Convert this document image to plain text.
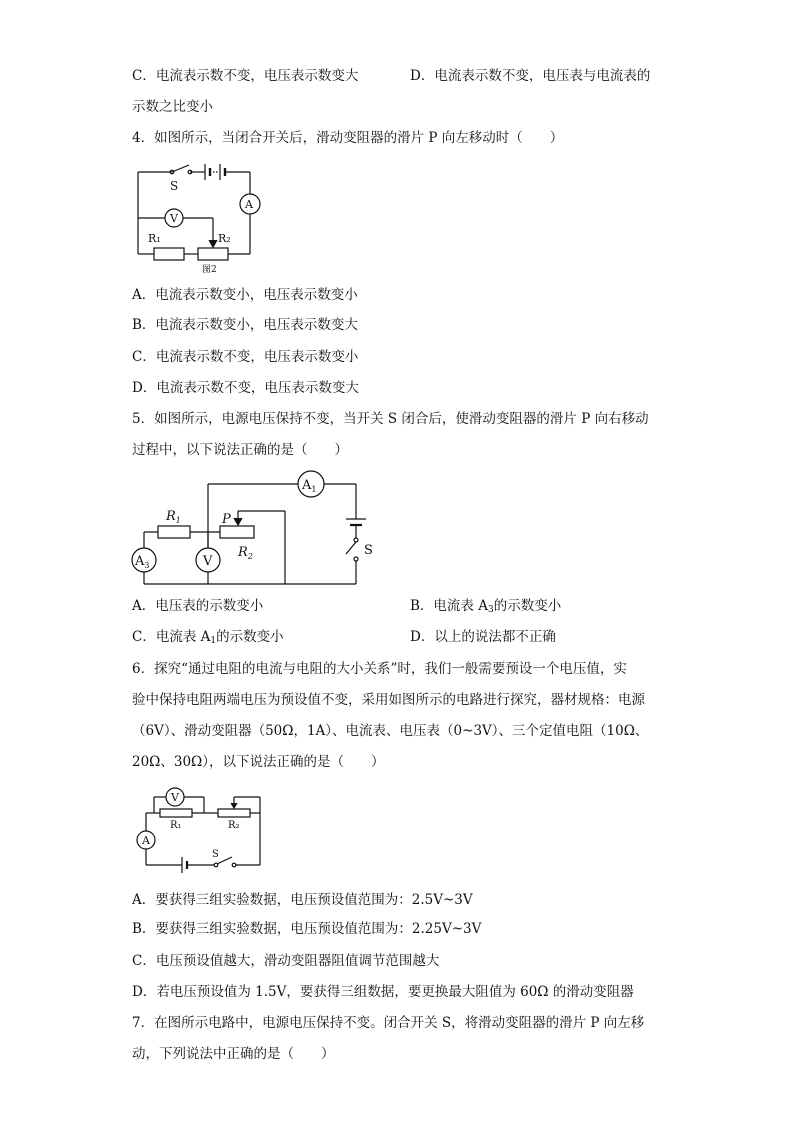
C．电流表示数不变，电压表示数变大	D．电流表示数不变，电压表与电流表的
示数之比变小
4．如图所示，当闭合开关后，滑动变阻器的滑片 P 向左移动时（　　）
S
V
A
R₁	R₂
图2
A．电流表示数变小，电压表示数变小
B．电流表示数变小，电压表示数变大
C．电流表示数不变，电压表示数变小
D．电流表示数不变，电压表示数变大
5．如图所示，电源电压保持不变，当开关 S 闭合后，使滑动变阻器的滑片 P 向右移动
过程中，以下说法正确的是（　　）
$A_1$
$A_3$	V
$R_1$
$R_2$
P
S
A．电压表的示数变小	B．电流表 $A_3$的示数变小
C．电流表 $A_1$的示数变小	D．以上的说法都不正确
6．探究“通过电阻的电流与电阻的大小关系”时，我们一般需要预设一个电压值，实
验中保持电阻两端电压为预设值不变，采用如图所示的电路进行探究，器材规格：电源
（6V）、滑动变阻器（50Ω，1A）、电流表、电压表（0~3V）、三个定值电阻（10Ω、
20Ω、30Ω），以下说法正确的是（　　）
V
A
R₁	R₂
S
A．要获得三组实验数据，电压预设值范围为：2.5V~3V
B．要获得三组实验数据，电压预设值范围为：2.25V~3V
C．电压预设值越大，滑动变阻器阻值调节范围越大
D．若电压预设值为 1.5V，要获得三组数据，要更换最大阻值为 60Ω 的滑动变阻器
7．在图所示电路中，电源电压保持不变。闭合开关 S，将滑动变阻器的滑片 P 向左移
动，下列说法中正确的是（　　）
